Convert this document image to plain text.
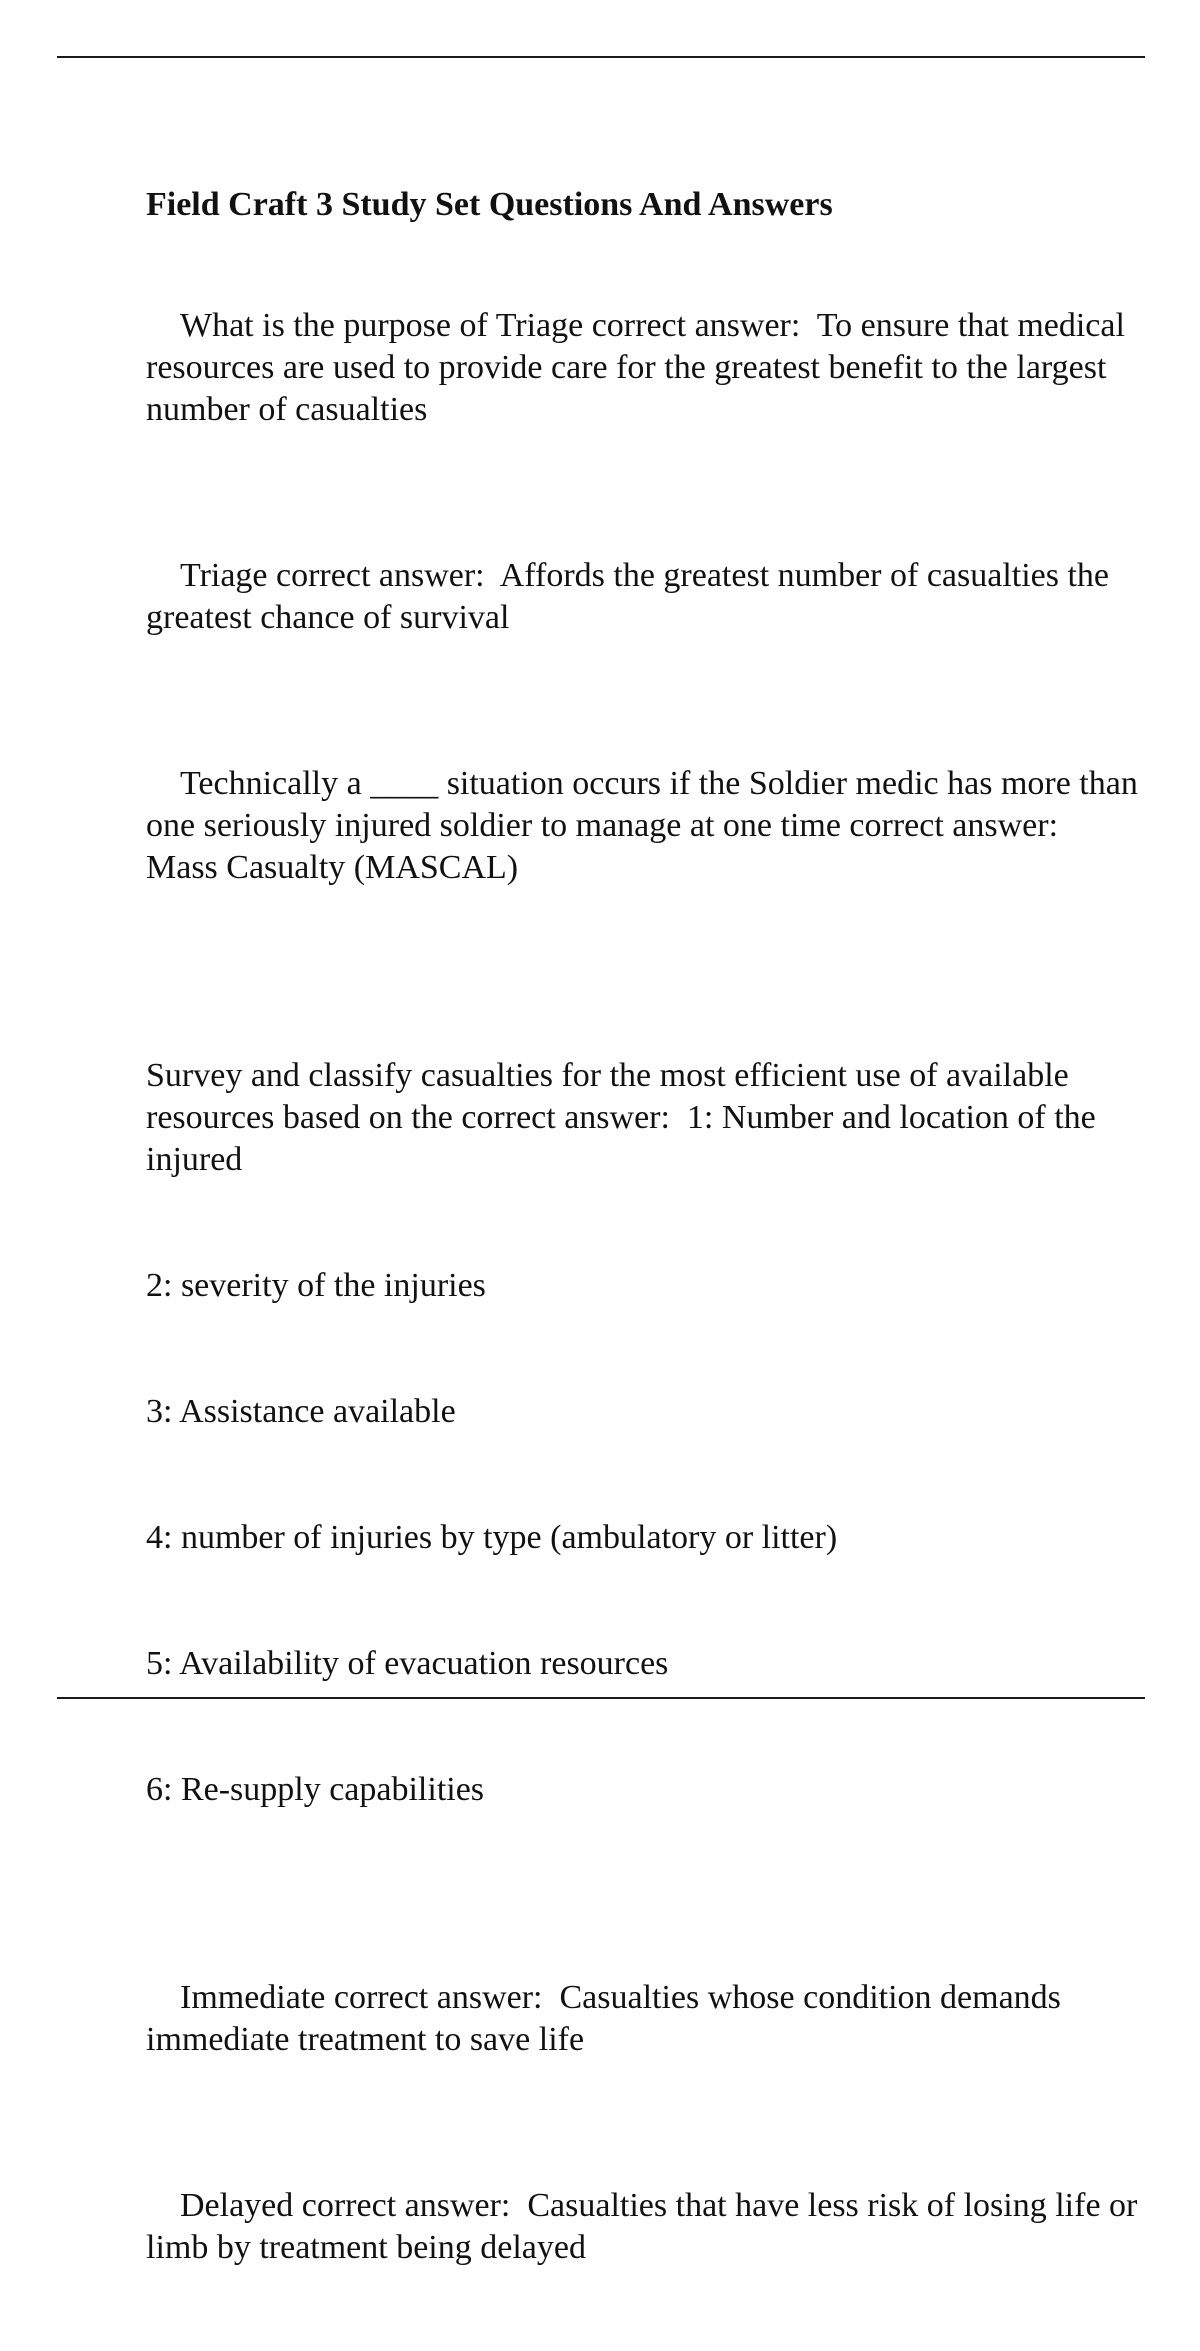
Field Craft 3 Study Set Questions And Answers

What is the purpose of Triage correct answer:  To ensure that medical resources are used to provide care for the greatest benefit to the largest number of casualties

Triage correct answer:  Affords the greatest number of casualties the greatest chance of survival

Technically a ____ situation occurs if the Soldier medic has more than one seriously injured soldier to manage at one time correct answer:  Mass Casualty (MASCAL)

Survey and classify casualties for the most efficient use of available resources based on the correct answer:  1: Number and location of the injured

2: severity of the injuries

3: Assistance available

4: number of injuries by type (ambulatory or litter)

5: Availability of evacuation resources

6: Re-supply capabilities

Immediate correct answer:  Casualties whose condition demands immediate treatment to save life

Delayed correct answer:  Casualties that have less risk of losing life or limb by treatment being delayed
